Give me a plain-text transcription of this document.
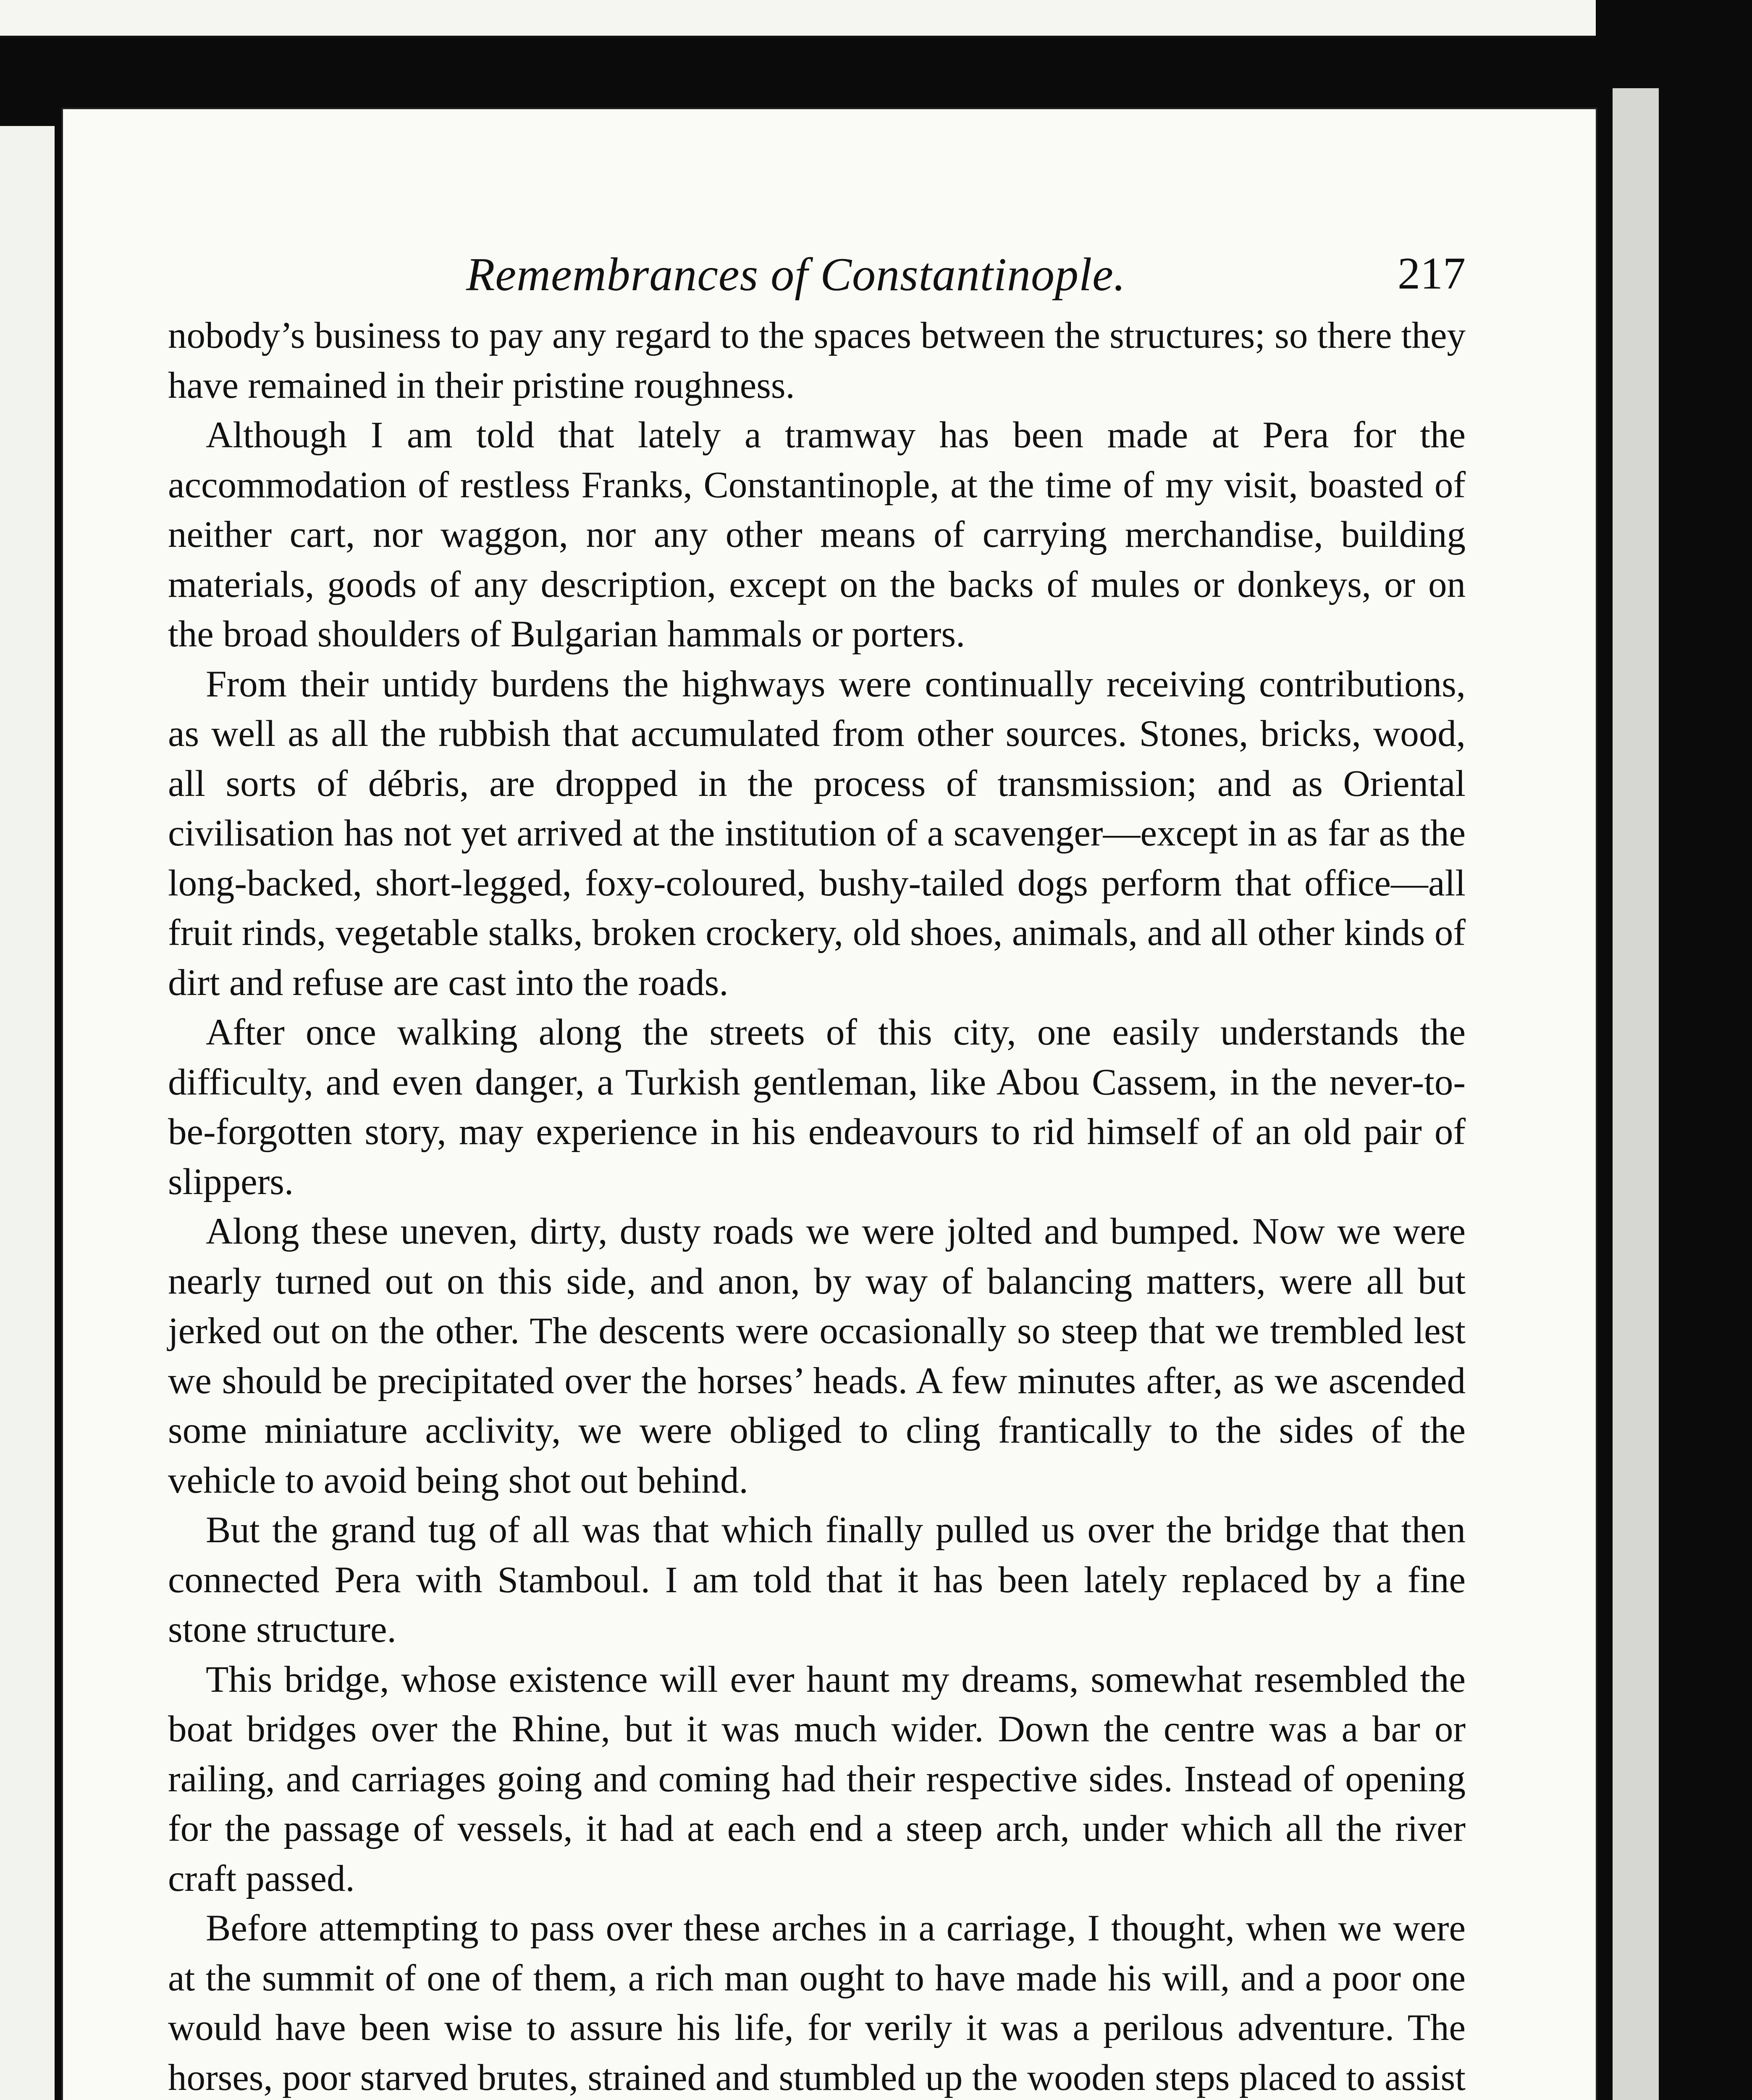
Remembrances of Constantinople.	217

nobody’s business to pay any regard to the spaces between the structures; so there they have remained in their pristine roughness.

Although I am told that lately a tramway has been made at Pera for the accommodation of restless Franks, Constantinople, at the time of my visit, boasted of neither cart, nor waggon, nor any other means of carrying merchandise, building materials, goods of any description, except on the backs of mules or donkeys, or on the broad shoulders of Bulgarian hammals or porters.

From their untidy burdens the highways were continually receiving contributions, as well as all the rubbish that accumulated from other sources. Stones, bricks, wood, all sorts of débris, are dropped in the process of transmission; and as Oriental civilisation has not yet arrived at the institution of a scavenger—except in as far as the long-backed, short-legged, foxy-coloured, bushy-tailed dogs perform that office—all fruit rinds, vegetable stalks, broken crockery, old shoes, animals, and all other kinds of dirt and refuse are cast into the roads.

After once walking along the streets of this city, one easily understands the difficulty, and even danger, a Turkish gentleman, like Abou Cassem, in the never-to-be-forgotten story, may experience in his endeavours to rid himself of an old pair of slippers.

Along these uneven, dirty, dusty roads we were jolted and bumped. Now we were nearly turned out on this side, and anon, by way of balancing matters, were all but jerked out on the other. The descents were occasionally so steep that we trembled lest we should be precipitated over the horses’ heads. A few minutes after, as we ascended some miniature acclivity, we were obliged to cling frantically to the sides of the vehicle to avoid being shot out behind.

But the grand tug of all was that which finally pulled us over the bridge that then connected Pera with Stamboul. I am told that it has been lately replaced by a fine stone structure.

This bridge, whose existence will ever haunt my dreams, somewhat resembled the boat bridges over the Rhine, but it was much wider. Down the centre was a bar or railing, and carriages going and coming had their respective sides. Instead of opening for the passage of vessels, it had at each end a steep arch, under which all the river craft passed.

Before attempting to pass over these arches in a carriage, I thought, when we were at the summit of one of them, a rich man ought to have made his will, and a poor one would have been wise to assure his life, for verily it was a perilous adventure. The horses, poor starved brutes, strained and stumbled up the wooden steps placed to assist
